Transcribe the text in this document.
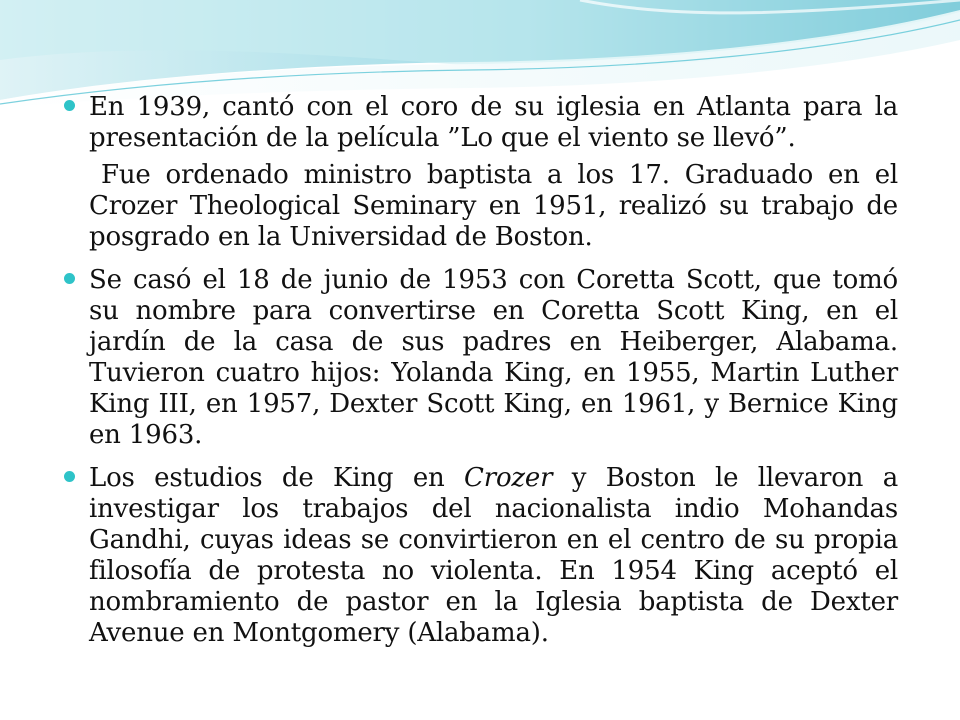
En 1939, cantó con el coro de su iglesia en Atlanta para la presentación de la película ”Lo que el viento se llevó”.

Fue ordenado ministro baptista a los 17. Graduado en el Crozer Theological Seminary en 1951, realizó su trabajo de posgrado en la Universidad de Boston.

Se casó el 18 de junio de 1953 con Coretta Scott, que tomó su nombre para convertirse en Coretta Scott King, en el jardín de la casa de sus padres en Heiberger, Alabama. Tuvieron cuatro hijos: Yolanda King, en 1955, Martin Luther King III, en 1957, Dexter Scott King, en 1961, y Bernice King en 1963.

Los estudios de King en Crozer y Boston le llevaron a investigar los trabajos del nacionalista indio Mohandas Gandhi, cuyas ideas se convirtieron en el centro de su propia filosofía de protesta no violenta. En 1954 King aceptó el nombramiento de pastor en la Iglesia baptista de Dexter Avenue en Montgomery (Alabama).
